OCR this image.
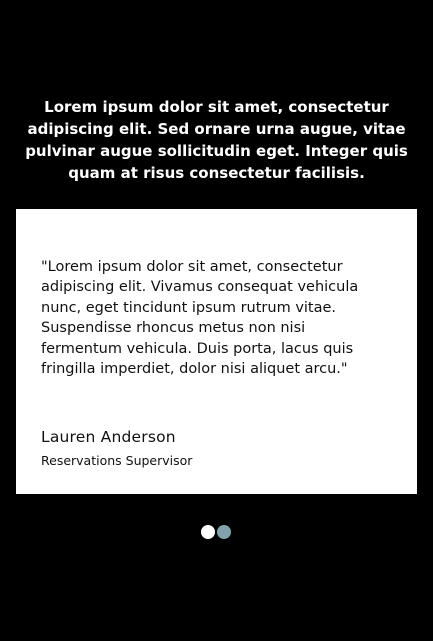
Lorem ipsum dolor sit amet, consectetur adipiscing elit. Sed ornare urna augue, vitae pulvinar augue sollicitudin eget. Integer quis quam at risus consectetur facilisis.

"Lorem ipsum dolor sit amet, consectetur adipiscing elit. Vivamus consequat vehicula nunc, eget tincidunt ipsum rutrum vitae. Suspendisse rhoncus metus non nisi fermentum vehicula. Duis porta, lacus quis fringilla imperdiet, dolor nisi aliquet arcu."

Lauren Anderson

Reservations Supervisor
